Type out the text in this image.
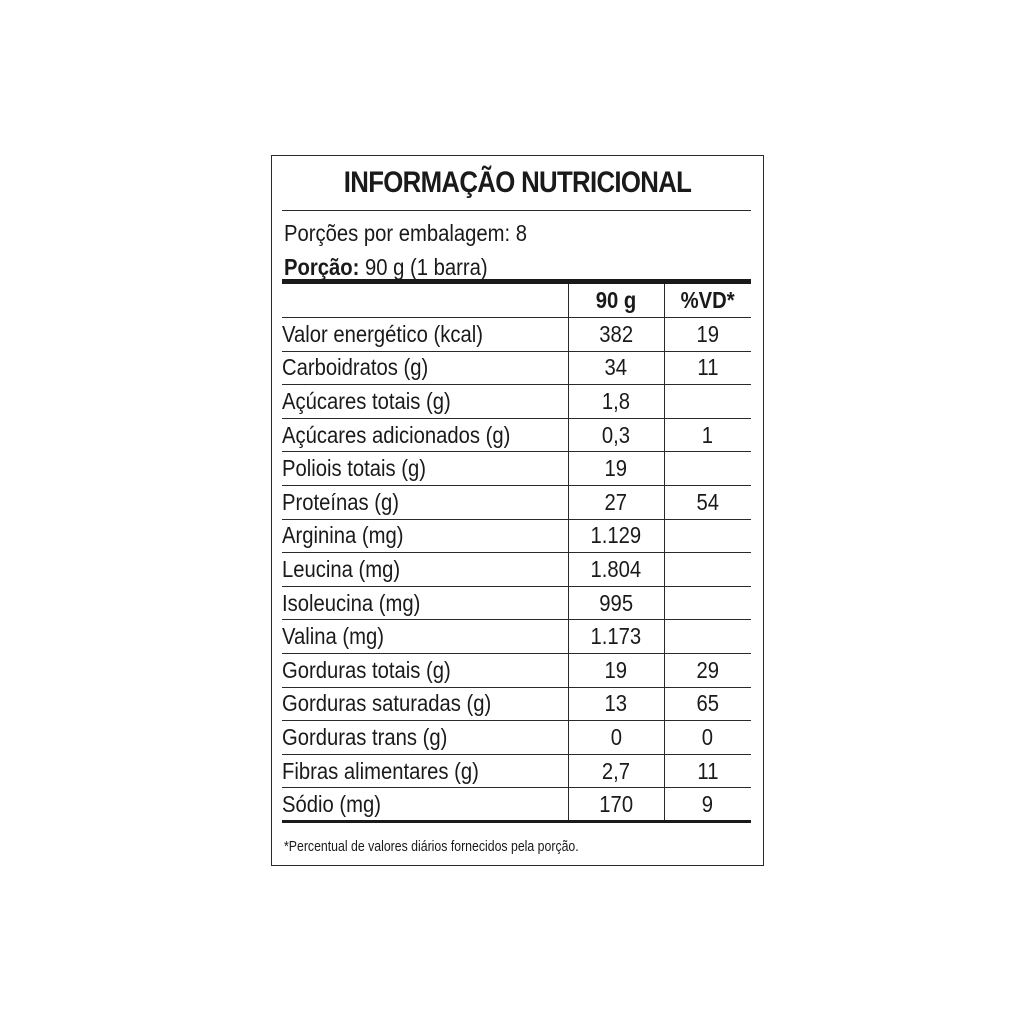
INFORMAÇÃO NUTRICIONAL
Porções por embalagem: 8
Porção: 90 g (1 barra)
	90 g	%VD*
Valor energético (kcal)	382	19
Carboidratos (g)	34	11
Açúcares totais (g)	1,8	
Açúcares adicionados (g)	0,3	1
Poliois totais (g)	19	
Proteínas (g)	27	54
Arginina (mg)	1.129	
Leucina (mg)	1.804	
Isoleucina (mg)	995	
Valina (mg)	1.173	
Gorduras totais (g)	19	29
Gorduras saturadas (g)	13	65
Gorduras trans (g)	0	0
Fibras alimentares (g)	2,7	11
Sódio (mg)	170	9
*Percentual de valores diários fornecidos pela porção.
